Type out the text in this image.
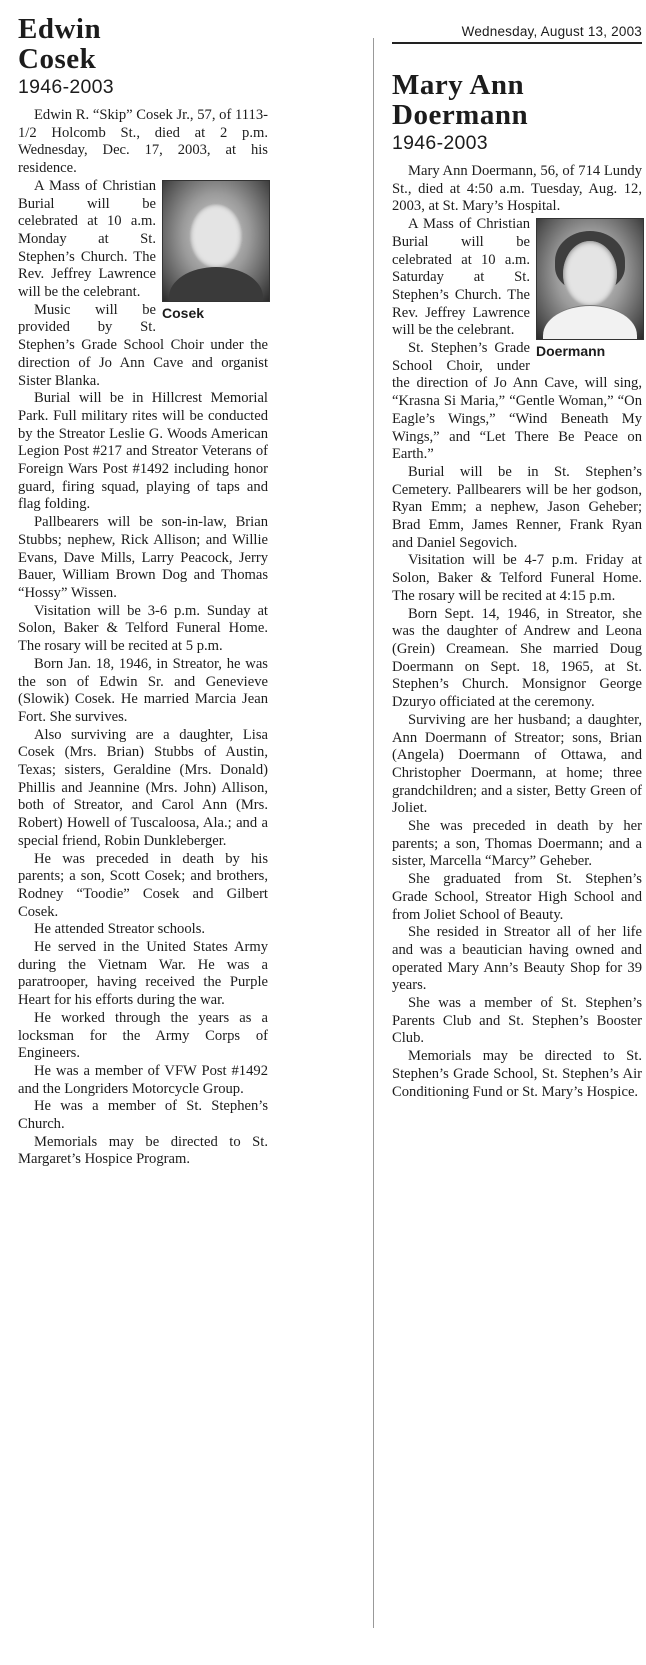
Edwin
Cosek
1946-2003

Edwin R. “Skip” Cosek Jr., 57, of 1113-1/2 Holcomb St., died at 2 p.m. Wednesday, Dec. 17, 2003, at his residence.

Cosek

A Mass of Christian Burial will be celebrated at 10 a.m. Monday at St. Stephen’s Church. The Rev. Jeffrey Lawrence will be the celebrant.

Music will be provided by St. Stephen’s Grade School Choir under the direction of Jo Ann Cave and organist Sister Blanka.

Burial will be in Hillcrest Memorial Park. Full military rites will be conducted by the Streator Leslie G. Woods American Legion Post #217 and Streator Veterans of Foreign Wars Post #1492 including honor guard, firing squad, playing of taps and flag folding.

Pallbearers will be son-in-law, Brian Stubbs; nephew, Rick Allison; and Willie Evans, Dave Mills, Larry Peacock, Jerry Bauer, William Brown Dog and Thomas “Hossy” Wissen.

Visitation will be 3-6 p.m. Sunday at Solon, Baker & Telford Funeral Home. The rosary will be recited at 5 p.m.

Born Jan. 18, 1946, in Streator, he was the son of Edwin Sr. and Genevieve (Slowik) Cosek. He married Marcia Jean Fort. She survives.

Also surviving are a daughter, Lisa Cosek (Mrs. Brian) Stubbs of Austin, Texas; sisters, Geraldine (Mrs. Donald) Phillis and Jeannine (Mrs. John) Allison, both of Streator, and Carol Ann (Mrs. Robert) Howell of Tuscaloosa, Ala.; and a special friend, Robin Dunkleberger.

He was preceded in death by his parents; a son, Scott Cosek; and brothers, Rodney “Toodie” Cosek and Gilbert Cosek.

He attended Streator schools.

He served in the United States Army during the Vietnam War. He was a paratrooper, having received the Purple Heart for his efforts during the war.

He worked through the years as a locksman for the Army Corps of Engineers.

He was a member of VFW Post #1492 and the Longriders Motorcycle Group.

He was a member of St. Stephen’s Church.

Memorials may be directed to St. Margaret’s Hospice Program.

Wednesday, August 13, 2003
Mary Ann
Doermann
1946-2003

Mary Ann Doermann, 56, of 714 Lundy St., died at 4:50 a.m. Tuesday, Aug. 12, 2003, at St. Mary’s Hospital.

Doermann

A Mass of Christian Burial will be celebrated at 10 a.m. Saturday at St. Stephen’s Church. The Rev. Jeffrey Lawrence will be the celebrant.

St. Stephen’s Grade School Choir, under the direction of Jo Ann Cave, will sing, “Krasna Si Maria,” “Gentle Woman,” “On Eagle’s Wings,” “Wind Beneath My Wings,” and “Let There Be Peace on Earth.”

Burial will be in St. Stephen’s Cemetery. Pallbearers will be her godson, Ryan Emm; a nephew, Jason Geheber; Brad Emm, James Renner, Frank Ryan and Daniel Segovich.

Visitation will be 4-7 p.m. Friday at Solon, Baker & Telford Funeral Home. The rosary will be recited at 4:15 p.m.

Born Sept. 14, 1946, in Streator, she was the daughter of Andrew and Leona (Grein) Creamean. She married Doug Doermann on Sept. 18, 1965, at St. Stephen’s Church. Monsignor George Dzuryo officiated at the ceremony.

Surviving are her husband; a daughter, Ann Doermann of Streator; sons, Brian (Angela) Doermann of Ottawa, and Christopher Doermann, at home; three grandchildren; and a sister, Betty Green of Joliet.

She was preceded in death by her parents; a son, Thomas Doermann; and a sister, Marcella “Marcy” Geheber.

She graduated from St. Stephen’s Grade School, Streator High School and from Joliet School of Beauty.

She resided in Streator all of her life and was a beautician having owned and operated Mary Ann’s Beauty Shop for 39 years.

She was a member of St. Stephen’s Parents Club and St. Stephen’s Booster Club.

Memorials may be directed to St. Stephen’s Grade School, St. Stephen’s Air Conditioning Fund or St. Mary’s Hospice.
